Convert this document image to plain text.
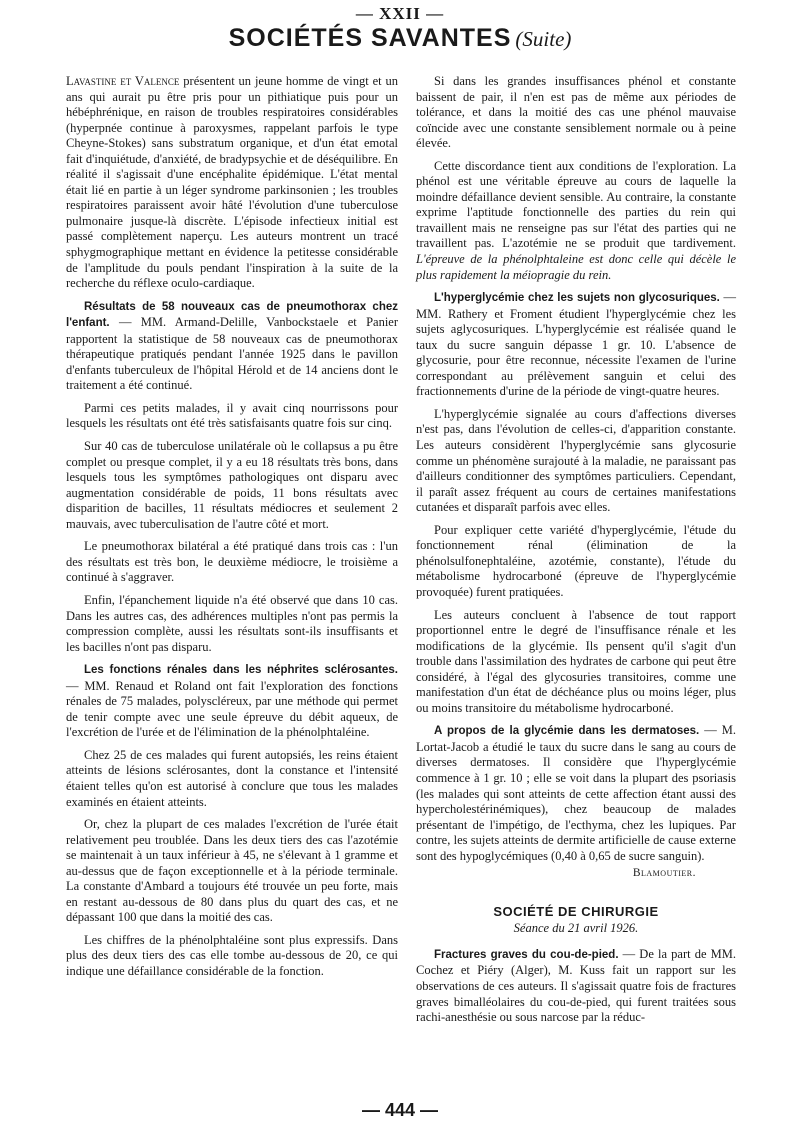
— XXII —
SOCIÉTÉS SAVANTES (Suite)

Lavastine et Valence présentent un jeune homme de vingt et un ans qui aurait pu être pris pour un pithiatique puis pour un hébéphrénique, en raison de troubles respiratoires considérables (hyperpnée continue à paroxysmes, rappelant parfois le type Cheyne-Stokes) sans substratum organique, et d'un état emotal fait d'inquiétude, d'anxiété, de bradypsychie et de déséquilibre. En réalité il s'agissait d'une encéphalite épidémique. L'état mental était lié en partie à un léger syndrome parkinsonien ; les troubles respiratoires paraissent avoir hâté l'évolution d'une tuberculose pulmonaire jusque-là discrète. L'épisode infectieux initial est passé complètement naperçu. Les auteurs montrent un tracé sphygmographique mettant en évidence la petitesse considérable de l'amplitude du pouls pendant l'inspiration à la suite de la recherche du réflexe oculo-cardiaque.

Résultats de 58 nouveaux cas de pneumothorax chez l'enfant. — MM. Armand-Delille, Vanbockstaele et Panier rapportent la statistique de 58 nouveaux cas de pneumothorax thérapeutique pratiqués pendant l'année 1925 dans le pavillon d'enfants tuberculeux de l'hôpital Hérold et de 14 anciens dont le traitement a été continué.

Parmi ces petits malades, il y avait cinq nourrissons pour lesquels les résultats ont été très satisfaisants quatre fois sur cinq.

Sur 40 cas de tuberculose unilatérale où le collapsus a pu être complet ou presque complet, il y a eu 18 résultats très bons, dans lesquels tous les symptômes pathologiques ont disparu avec augmentation considérable de poids, 11 bons résultats avec disparition de bacilles, 11 résultats médiocres et seulement 2 mauvais, avec tuberculisation de l'autre côté et mort.

Le pneumothorax bilatéral a été pratiqué dans trois cas : l'un des résultats est très bon, le deuxième médiocre, le troisième a continué à s'aggraver.

Enfin, l'épanchement liquide n'a été observé que dans 10 cas. Dans les autres cas, des adhérences multiples n'ont pas permis la compression complète, aussi les résultats sont-ils insuffisants et les bacilles n'ont pas disparu.

Les fonctions rénales dans les néphrites sclérosantes. — MM. Renaud et Roland ont fait l'exploration des fonctions rénales de 75 malades, polyscléreux, par une méthode qui permet de tenir compte avec une seule épreuve du débit aqueux, de l'excrétion de l'urée et de l'élimination de la phénolphtaléine.

Chez 25 de ces malades qui furent autopsiés, les reins étaient atteints de lésions sclérosantes, dont la constance et l'intensité étaient telles qu'on est autorisé à conclure que tous les malades examinés en étaient atteints.

Or, chez la plupart de ces malades l'excrétion de l'urée était relativement peu troublée. Dans les deux tiers des cas l'azotémie se maintenait à un taux inférieur à 45, ne s'élevant à 1 gramme et au-dessus que de façon exceptionnelle et à la période terminale. La constante d'Ambard a toujours été trouvée un peu forte, mais en restant au-dessous de 80 dans plus du quart des cas, et ne dépassant 100 que dans la moitié des cas.

Les chiffres de la phénolphtaléine sont plus expressifs. Dans plus des deux tiers des cas elle tombe au-dessous de 20, ce qui indique une défaillance considérable de la fonction.

Si dans les grandes insuffisances phénol et constante baissent de pair, il n'en est pas de même aux périodes de tolérance, et dans la moitié des cas une phénol mauvaise coïncide avec une constante sensiblement normale ou à peine élevée.

Cette discordance tient aux conditions de l'exploration. La phénol est une véritable épreuve au cours de laquelle la moindre défaillance devient sensible. Au contraire, la constante exprime l'aptitude fonctionnelle des parties du rein qui travaillent mais ne renseigne pas sur l'état des parties qui ne travaillent pas. L'azotémie ne se produit que tardivement. L'épreuve de la phénolphtaleine est donc celle qui décèle le plus rapidement la méiopragie du rein.

L'hyperglycémie chez les sujets non glycosuriques. — MM. Rathery et Froment étudient l'hyperglycémie chez les sujets aglycosuriques. L'hyperglycémie est réalisée quand le taux du sucre sanguin dépasse 1 gr. 10. L'absence de glycosurie, pour être reconnue, nécessite l'examen de l'urine correspondant au prélèvement sanguin et celui des fractionnements d'urine de la période de vingt-quatre heures.

L'hyperglycémie signalée au cours d'affections diverses n'est pas, dans l'évolution de celles-ci, d'apparition constante. Les auteurs considèrent l'hyperglycémie sans glycosurie comme un phénomène surajouté à la maladie, ne paraissant pas d'ailleurs conditionner des symptômes particuliers. Cependant, il paraît assez fréquent au cours de certaines manifestations cutanées et disparaît parfois avec elles.

Pour expliquer cette variété d'hyperglycémie, l'étude du fonctionnement rénal (élimination de la phénolsulfonephtaléine, azotémie, constante), l'étude du métabolisme hydrocarboné (épreuve de l'hyperglycémie provoquée) furent pratiquées.

Les auteurs concluent à l'absence de tout rapport proportionnel entre le degré de l'insuffisance rénale et les modifications de la glycémie. Ils pensent qu'il s'agit d'un trouble dans l'assimilation des hydrates de carbone qui peut être considéré, à l'égal des glycosuries transitoires, comme une manifestation d'un état de déchéance plus ou moins léger, plus ou moins transitoire du métabolisme hydrocarboné.

A propos de la glycémie dans les dermatoses. — M. Lortat-Jacob a étudié le taux du sucre dans le sang au cours de diverses dermatoses. Il considère que l'hyperglycémie commence à 1 gr. 10 ; elle se voit dans la plupart des psoriasis (les malades qui sont atteints de cette affection étant aussi des hypercholestérinémiques), chez beaucoup de malades présentant de l'impétigo, de l'ecthyma, chez les lupiques. Par contre, les sujets atteints de dermite artificielle de cause externe sont des hypoglycémiques (0,40 à 0,65 de sucre sanguin).

Blamoutier.
SOCIÉTÉ DE CHIRURGIE
Séance du 21 avril 1926.

Fractures graves du cou-de-pied. — De la part de MM. Cochez et Piéry (Alger), M. Kuss fait un rapport sur les observations de ces auteurs. Il s'agissait quatre fois de fractures graves bimalléolaires du cou-de-pied, qui furent traitées sous rachi-anesthésie ou sous narcose par la réduc-

— 444 —
